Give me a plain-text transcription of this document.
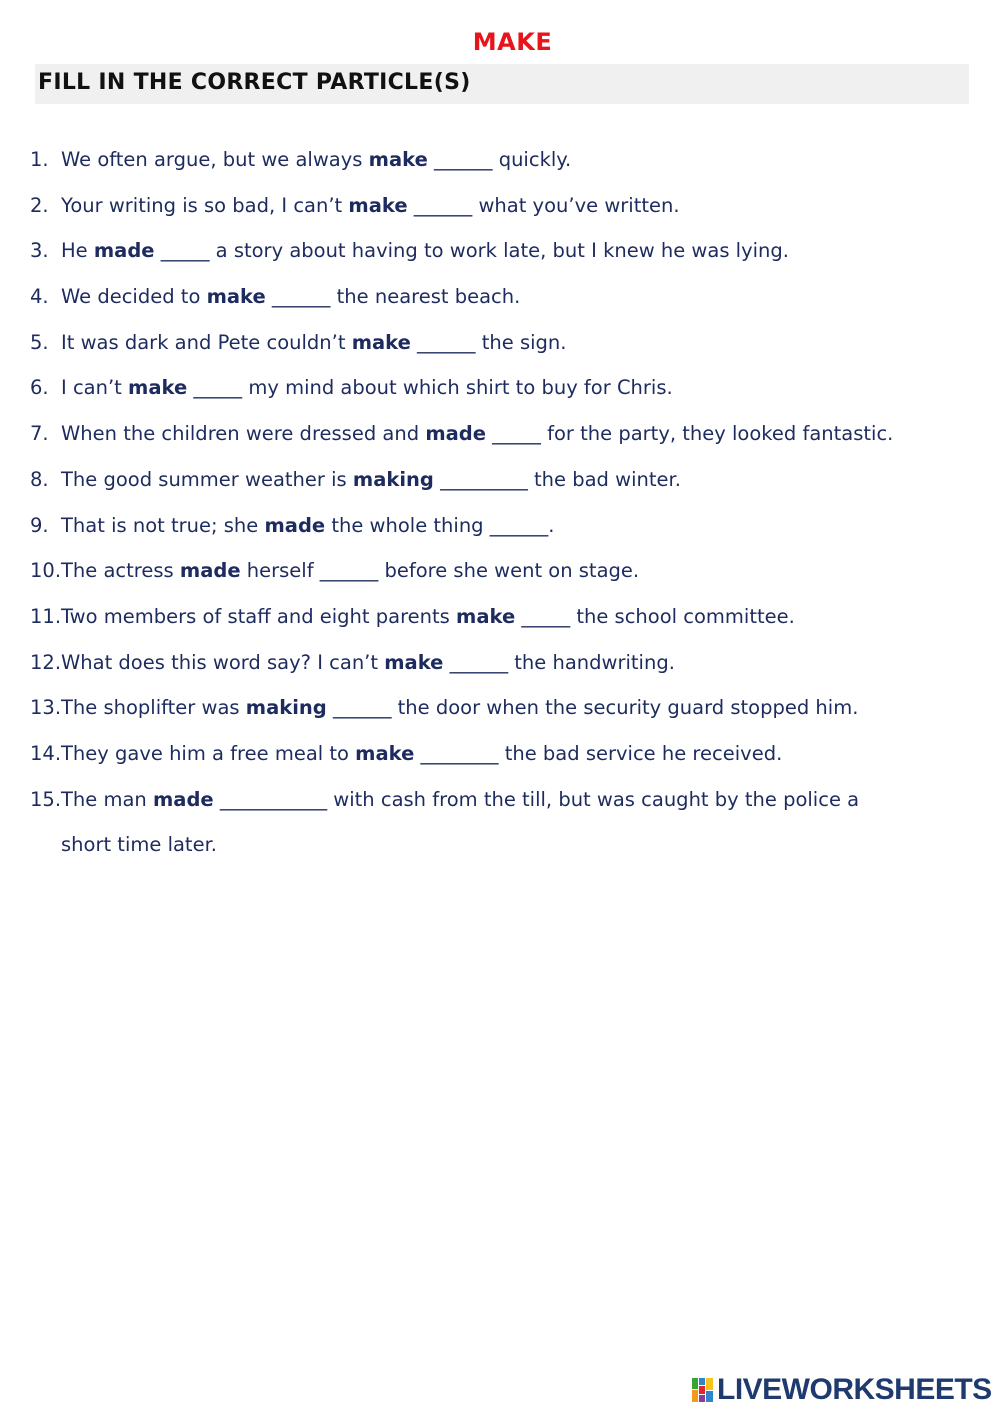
MAKE
FILL IN THE CORRECT PARTICLE(S)
1. We often argue, but we always make ______ quickly.
2. Your writing is so bad, I can’t make ______ what you’ve written.
3. He made _____ a story about having to work late, but I knew he was lying.
4. We decided to make ______ the nearest beach.
5. It was dark and Pete couldn’t make ______ the sign.
6. I can’t make _____ my mind about which shirt to buy for Chris.
7. When the children were dressed and made _____ for the party, they looked fantastic.
8. The good summer weather is making _________ the bad winter.
9. That is not true; she made the whole thing ______.
10. The actress made herself ______ before she went on stage.
11. Two members of staff and eight parents make _____ the school committee.
12. What does this word say? I can’t make ______ the handwriting.
13. The shoplifter was making ______ the door when the security guard stopped him.
14. They gave him a free meal to make ________ the bad service he received.
15. The man made ___________ with cash from the till, but was caught by the police a
short time later.
LIVEWORKSHEETS
